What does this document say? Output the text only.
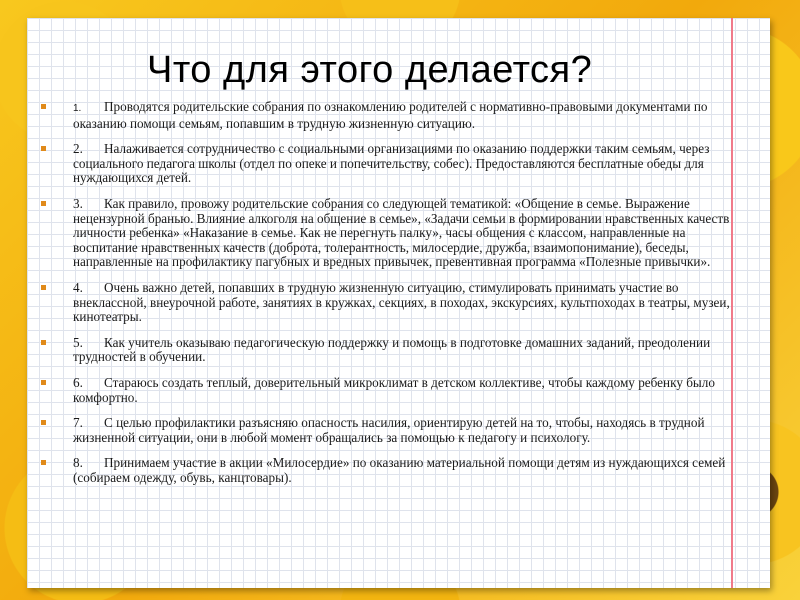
Что для этого делается?
1. Проводятся родительские собрания по ознакомлению родителей с нормативно-правовыми документами по оказанию помощи семьям, попавшим в трудную жизненную ситуацию.
2. Налаживается сотрудничество с социальными организациями по оказанию поддержки таким семьям, через социального педагога школы (отдел по опеке и попечительству, собес). Предоставляются бесплатные обеды для нуждающихся детей.
3. Как правило, провожу родительские собрания со следующей тематикой: «Общение в семье. Выражение нецензурной бранью. Влияние алкоголя на общение в семье», «Задачи семьи в формировании нравственных качеств личности ребенка» «Наказание в семье. Как не перегнуть палку», часы общения с классом, направленные на воспитание нравственных качеств (доброта, толерантность, милосердие, дружба, взаимопонимание), беседы, направленные на профилактику пагубных и вредных привычек, превентивная программа «Полезные привычки».
4. Очень важно детей, попавших в трудную жизненную ситуацию, стимулировать принимать участие во внеклассной, внеурочной работе, занятиях в кружках, секциях, в походах, экскурсиях, культпоходах в театры, музеи, кинотеатры.
5. Как учитель оказываю педагогическую поддержку и помощь в подготовке домашних заданий, преодолении трудностей в обучении.
6. Стараюсь создать теплый, доверительный микроклимат в детском коллективе, чтобы каждому ребенку было комфортно.
7. С целью профилактики разъясняю опасность насилия, ориентирую детей на то, чтобы, находясь в трудной жизненной ситуации, они в любой момент обращались за помощью к педагогу и психологу.
8. Принимаем участие в акции «Милосердие» по оказанию материальной помощи детям из нуждающихся семей (собираем одежду, обувь, канцтовары).
